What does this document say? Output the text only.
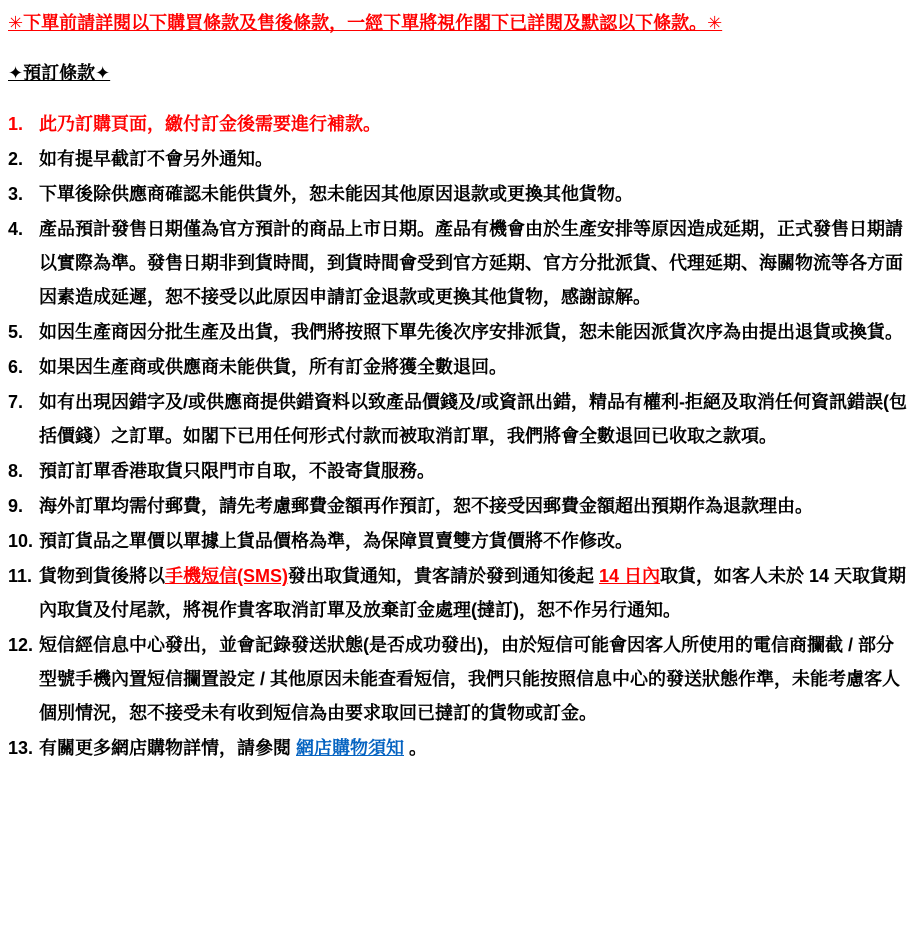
✳下單前請詳閱以下購買條款及售後條款，一經下單將視作閣下已詳閱及默認以下條款。✳
✦預訂條款✦
1. 此乃訂購頁面，繳付訂金後需要進行補款。
2. 如有提早截訂不會另外通知。
3. 下單後除供應商確認未能供貨外，恕未能因其他原因退款或更換其他貨物。
4. 產品預計發售日期僅為官方預計的商品上市日期。產品有機會由於生產安排等原因造成延期，正式發售日期請以實際為準。發售日期非到貨時間，到貨時間會受到官方延期、官方分批派貨、代理延期、海關物流等各方面因素造成延遲，恕不接受以此原因申請訂金退款或更換其他貨物，感謝諒解。
5. 如因生產商因分批生產及出貨，我們將按照下單先後次序安排派貨，恕未能因派貨次序為由提出退貨或換貨。
6. 如果因生產商或供應商未能供貨，所有訂金將獲全數退回。
7. 如有出現因錯字及/或供應商提供錯資料以致產品價錢及/或資訊出錯，精品有權利-拒絕及取消任何資訊錯誤(包括價錢）之訂單。如閣下已用任何形式付款而被取消訂單，我們將會全數退回已收取之款項。
8. 預訂訂單香港取貨只限門市自取，不設寄貨服務。
9. 海外訂單均需付郵費，請先考慮郵費金額再作預訂，恕不接受因郵費金額超出預期作為退款理由。
10. 預訂貨品之單價以單據上貨品價格為準，為保障買賣雙方貨價將不作修改。
11. 貨物到貨後將以手機短信(SMS)發出取貨通知，貴客請於發到通知後起 14 日內取貨，如客人未於 14 天取貨期內取貨及付尾款，將視作貴客取消訂單及放棄訂金處理(撻訂)，恕不作另行通知。
12. 短信經信息中心發出，並會記錄發送狀態(是否成功發出)，由於短信可能會因客人所使用的電信商攔截 / 部分型號手機內置短信攔置設定 / 其他原因未能查看短信，我們只能按照信息中心的發送狀態作準，未能考慮客人個別情況，恕不接受未有收到短信為由要求取回已撻訂的貨物或訂金。
13. 有關更多網店購物詳情，請參閱 網店購物須知 。
